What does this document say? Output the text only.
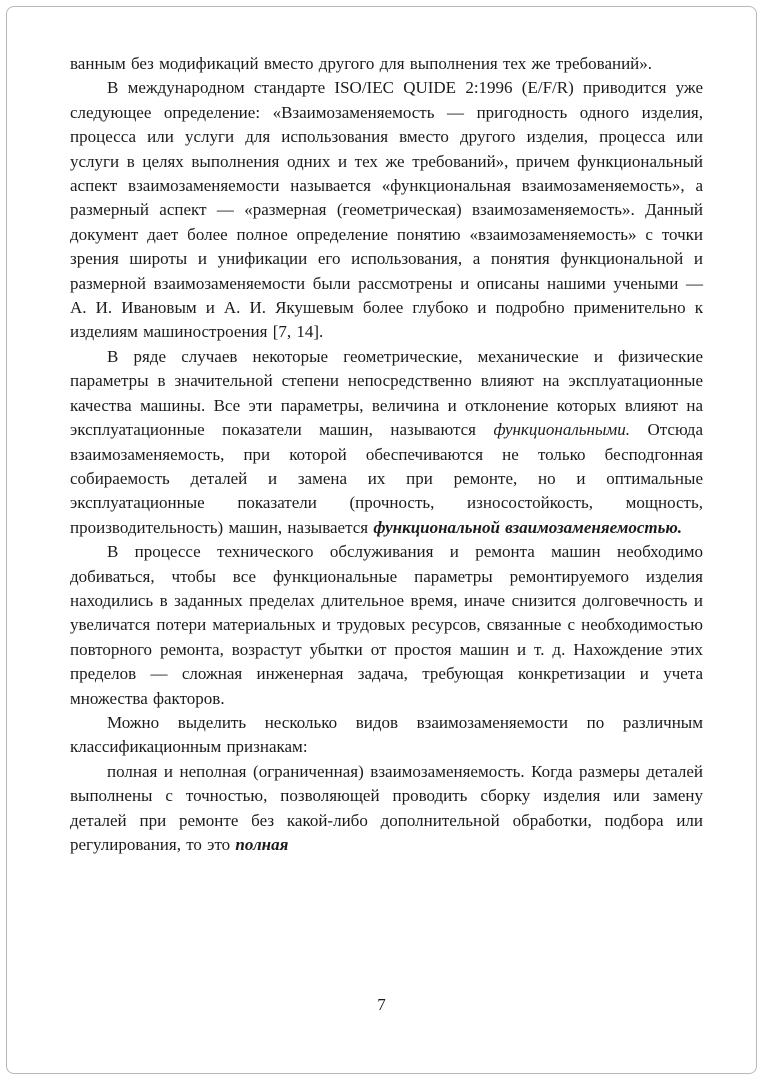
ванным без модификаций вместо другого для выполнения тех же требований».

В международном стандарте ISO/IEC QUIDE 2:1996 (E/F/R) приводится уже следующее определение: «Взаимозаменяемость — пригодность одного изделия, процесса или услуги для использования вместо другого изделия, процесса или услуги в целях выполнения одних и тех же требований», причем функциональный аспект взаимозаменяемости называется «функциональная взаимозаменяемость», а размерный аспект — «размерная (геометрическая) взаимозаменяемость». Данный документ дает более полное определение понятию «взаимозаменяемость» с точки зрения широты и унификации его использования, а понятия функциональной и размерной взаимозаменяемости были рассмотрены и описаны нашими учеными — А. И. Ивановым и А. И. Якушевым более глубоко и подробно применительно к изделиям машиностроения [7, 14].

В ряде случаев некоторые геометрические, механические и физические параметры в значительной степени непосредственно влияют на эксплуатационные качества машины. Все эти параметры, величина и отклонение которых влияют на эксплуатационные показатели машин, называются функциональными. Отсюда взаимозаменяемость, при которой обеспечиваются не только бесподгонная собираемость деталей и замена их при ремонте, но и оптимальные эксплуатационные показатели (прочность, износостойкость, мощность, производительность) машин, называется функциональной взаимозаменяемостью.

В процессе технического обслуживания и ремонта машин необходимо добиваться, чтобы все функциональные параметры ремонтируемого изделия находились в заданных пределах длительное время, иначе снизится долговечность и увеличатся потери материальных и трудовых ресурсов, связанные с необходимостью повторного ремонта, возрастут убытки от простоя машин и т. д. Нахождение этих пределов — сложная инженерная задача, требующая конкретизации и учета множества факторов.

Можно выделить несколько видов взаимозаменяемости по различным классификационным признакам:

полная и неполная (ограниченная) взаимозаменяемость. Когда размеры деталей выполнены с точностью, позволяющей проводить сборку изделия или замену деталей при ремонте без какой-либо дополнительной обработки, подбора или регулирования, то это полная

7
